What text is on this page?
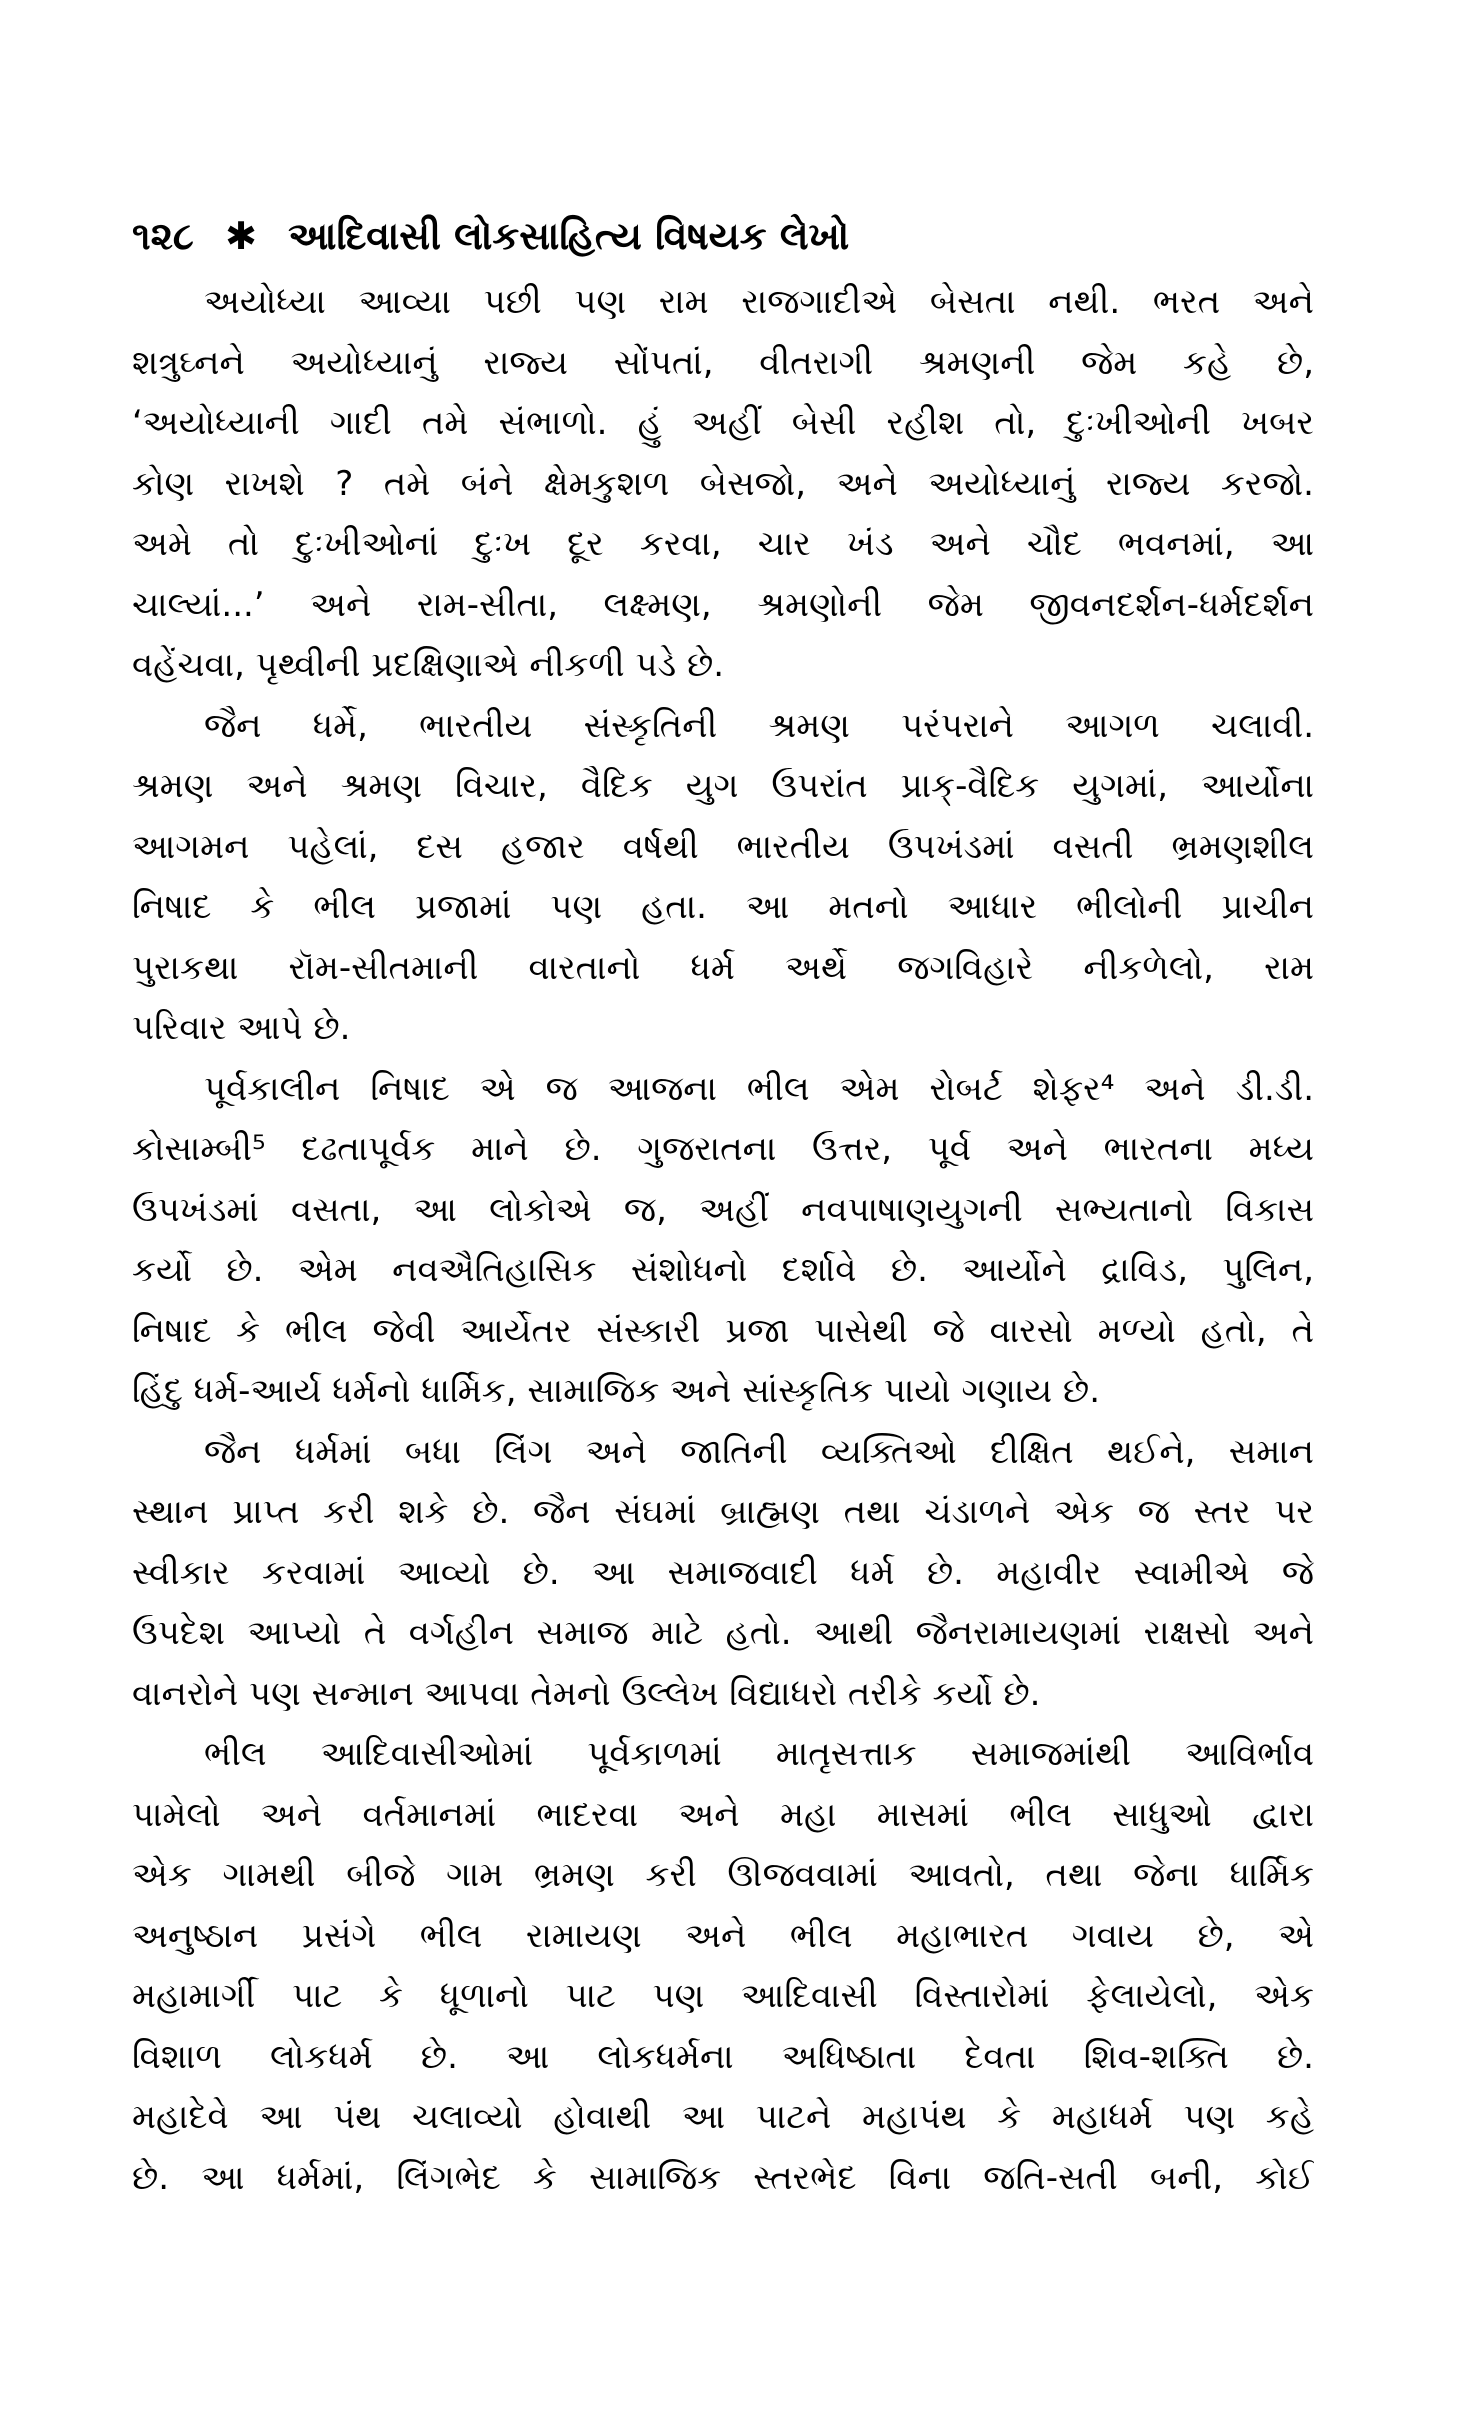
૧૨૮ ✱ આદિવાસી લોકસાહિત્ય વિષયક લેખો

અયોધ્યા આવ્યા પછી પણ રામ રાજગાદીએ બેસતા નથી. ભરત અને
શત્રુઘ્નને અયોધ્યાનું રાજ્ય સોંપતાં, વીતરાગી શ્રમણની જેમ કહે છે,
‘અયોધ્યાની ગાદી તમે સંભાળો. હું અહીં બેસી રહીશ તો, દુઃખીઓની ખબર
કોણ રાખશે ? તમે બંને ક્ષેમકુશળ બેસજો, અને અયોધ્યાનું રાજ્ય કરજો.
અમે તો દુઃખીઓનાં દુઃખ દૂર કરવા, ચાર ખંડ અને ચૌદ ભવનમાં, આ
ચાલ્યાં...’ અને રામ-સીતા, લક્ષ્મણ, શ્રમણોની જેમ જીવનદર્શન-ધર્મદર્શન
વહેંચવા, પૃથ્વીની પ્રદક્ષિણાએ નીકળી પડે છે.

જૈન ધર્મે, ભારતીય સંસ્કૃતિની શ્રમણ પરંપરાને આગળ ચલાવી.
શ્રમણ અને શ્રમણ વિચાર, વૈદિક યુગ ઉપરાંત પ્રાક્-વૈદિક યુગમાં, આર્યોના
આગમન પહેલાં, દસ હજાર વર્ષથી ભારતીય ઉપખંડમાં વસતી ભ્રમણશીલ
નિષાદ કે ભીલ પ્રજામાં પણ હતા. આ મતનો આધાર ભીલોની પ્રાચીન
પુરાકથા રૉમ-સીતમાની વારતાનો ધર્મ અર્થે જગવિહારે નીકળેલો, રામ
પરિવાર આપે છે.

પૂર્વકાલીન નિષાદ એ જ આજના ભીલ એમ રોબર્ટ શેફર⁴ અને ડી.ડી.
કોસામ્બી⁵ દઢતાપૂર્વક માને છે. ગુજરાતના ઉત્તર, પૂર્વ અને ભારતના મધ્ય
ઉપખંડમાં વસતા, આ લોકોએ જ, અહીં નવપાષાણયુગની સભ્યતાનો વિકાસ
કર્યો છે. એમ નવઐતિહાસિક સંશોધનો દર્શાવે છે. આર્યોને દ્રાવિડ, પુલિન,
નિષાદ કે ભીલ જેવી આર્યેતર સંસ્કારી પ્રજા પાસેથી જે વારસો મળ્યો હતો, તે
હિંદુ ધર્મ-આર્ય ધર્મનો ધાર્મિક, સામાજિક અને સાંસ્કૃતિક પાયો ગણાય છે.

જૈન ધર્મમાં બધા લિંગ અને જાતિની વ્યક્તિઓ દીક્ષિત થઈને, સમાન
સ્થાન પ્રાપ્ત કરી શકે છે. જૈન સંઘમાં બ્રાહ્મણ તથા ચંડાળને એક જ સ્તર પર
સ્વીકાર કરવામાં આવ્યો છે. આ સમાજવાદી ધર્મ છે. મહાવીર સ્વામીએ જે
ઉપદેશ આપ્યો તે વર્ગહીન સમાજ માટે હતો. આથી જૈનરામાયણમાં રાક્ષસો અને
વાનરોને પણ સન્માન આપવા તેમનો ઉલ્લેખ વિદ્યાધરો તરીકે કર્યો છે.

ભીલ આદિવાસીઓમાં પૂર્વકાળમાં માતૃસત્તાક સમાજમાંથી આવિર્ભાવ
પામેલો અને વર્તમાનમાં ભાદરવા અને મહા માસમાં ભીલ સાધુઓ દ્વારા
એક ગામથી બીજે ગામ ભ્રમણ કરી ઊજવવામાં આવતો, તથા જેના ધાર્મિક
અનુષ્ઠાન પ્રસંગે ભીલ રામાયણ અને ભીલ મહાભારત ગવાય છે, એ
મહામાર્ગી પાટ કે ધૂળાનો પાટ પણ આદિવાસી વિસ્તારોમાં ફેલાયેલો, એક
વિશાળ લોકધર્મ છે. આ લોકધર્મના અધિષ્ઠાતા દેવતા શિવ-શક્તિ છે.
મહાદેવે આ પંથ ચલાવ્યો હોવાથી આ પાટને મહાપંથ કે મહાધર્મ પણ કહે
છે. આ ધર્મમાં, લિંગભેદ કે સામાજિક સ્તરભેદ વિના જતિ-સતી બની, કોઈ
